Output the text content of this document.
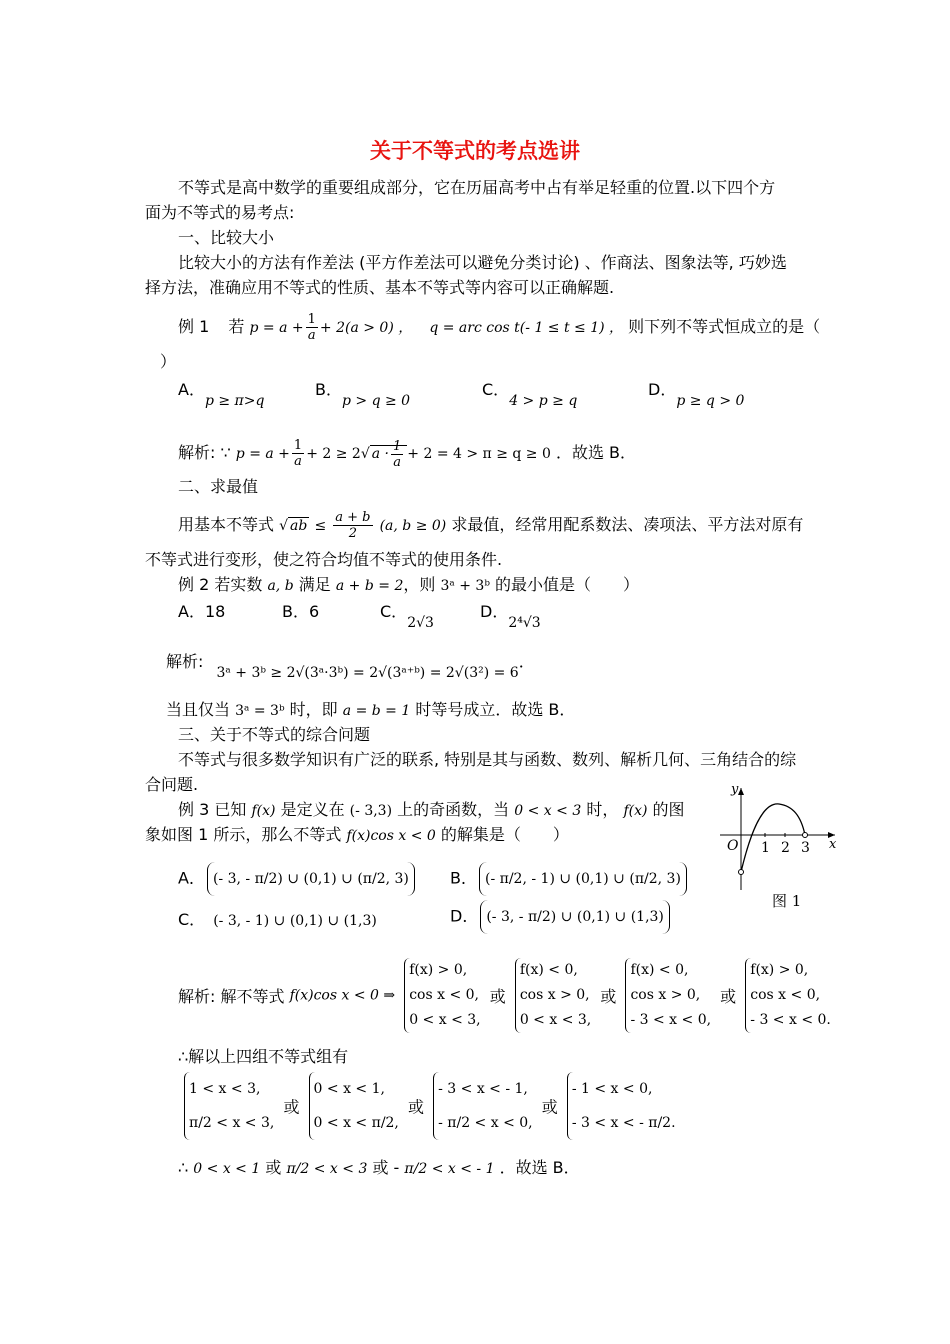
关于不等式的考点选讲
不等式是高中数学的重要组成部分，它在历届高考中占有举足轻重的位置.以下四个方
面为不等式的易考点:
一、比较大小
比较大小的方法有作差法 (平方作差法可以避免分类讨论) 、作商法、图象法等, 巧妙选
择方法，准确应用不等式的性质、基本不等式等内容可以正确解题.
例 1 若 $p = a + \frac{1}{a} + 2(a > 0)$ ， q = arc cos t(- 1 ≤ t ≤ 1) ， 则下列不等式恒成立的是（
）
A．p ≥ π>q
B．p > q ≥ 0
C．4 > p ≥ q
D．p ≥ q > 0
解析: ∵ $p = a + \frac{1}{a} + 2 \ge 2√$ $a \cdot \frac{1}{a} + 2 = 4 > \pi \ge q \ge 0$ ．故选 B．
二、求最值
用基本不等式 √ ab ≤ $\frac{a + b}{2} (a$, b ≥ 0) 求最值，经常用配系数法、凑项法、平方法对原有
不等式进行变形，使之符合均值不等式的使用条件.
例 2 若实数 a, b 满足 a + b = 2，则 3ᵃ + 3ᵇ 的最小值是（　　）
A．18	B．6	C．2√3
D．2⁴√3
解析: 3ᵃ + 3ᵇ ≥ 2√(3ᵃ·3ᵇ) = 2√(3ᵃ⁺ᵇ) = 2√(3²) = 6．
当且仅当 3ᵃ = 3ᵇ 时，即 a = b = 1 时等号成立．故选 B．
三、关于不等式的综合问题
不等式与很多数学知识有广泛的联系, 特别是其与函数、数列、解析几何、三角结合的综
合问题.
例 3 已知 f(x) 是定义在 (- 3,3) 上的奇函数，当 0 < x < 3 时， f(x) 的图
象如图 1 所示，那么不等式 f(x)cos x < 0 的解集是（　　）
A． (- 3, - π/2) ∪ (0,1) ∪ (π/2, 3)	B． (- π/2, - 1) ∪ (0,1) ∪ (π/2, 3)
C． (- 3, - 1) ∪ (0,1) ∪ (1,3)	D． (- 3, - π/2) ∪ (0,1) ∪ (1,3)
y
x
O 1 2 3
图 1
解析: 解不等式 f(x)cos x < 0 ⇒ f(x) > 0,
cos x < 0,
0 < x < 3, 或 f(x) < 0,
cos x > 0,
0 < x < 3, 或 f(x) < 0,
cos x > 0,
- 3 < x < 0, 或 f(x) > 0,
cos x < 0,
- 3 < x < 0.
∴解以上四组不等式组有
1 < x < 3,
π/2 < x < 3, 或 0 < x < 1,
0 < x < π/2, 或 - 3 < x < - 1,
- π/2 < x < 0, 或 - 1 < x < 0,
- 3 < x < - π/2.
∴ 0 < x < 1 或 π/2 < x < 3 或 - π/2 < x < - 1 ．故选 B．
